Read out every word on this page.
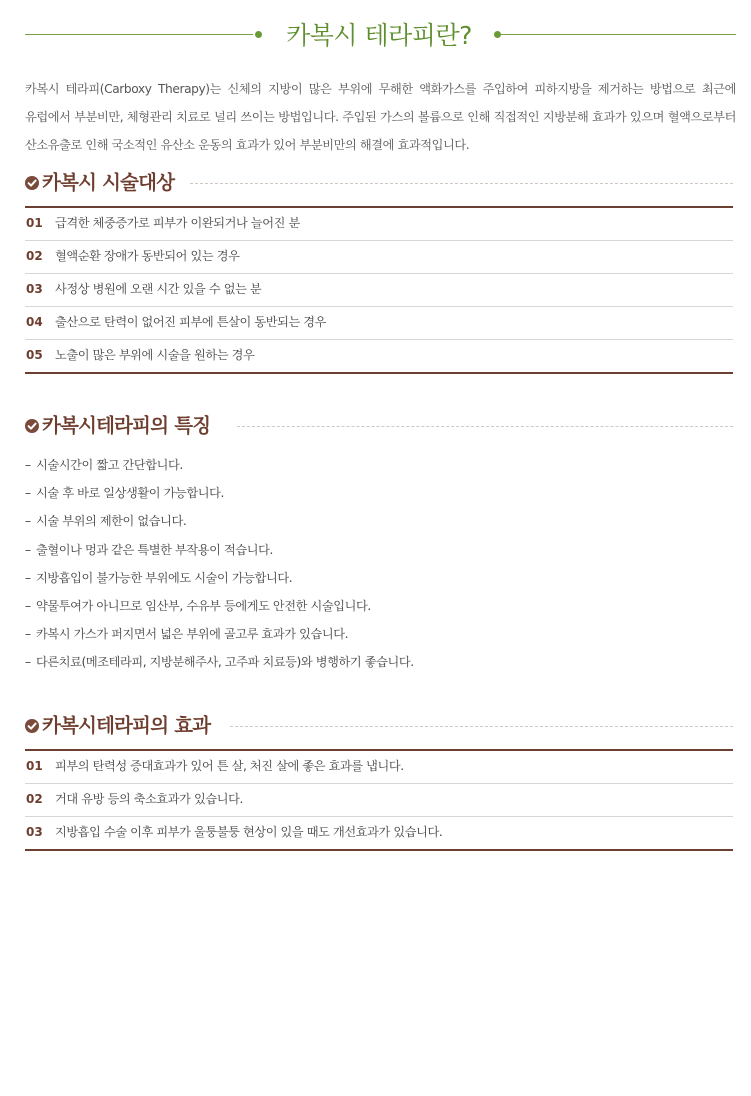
카복시 테라피란?
카복시 테라피(Carboxy Therapy)는 신체의 지방이 많은 부위에 무해한 액화가스를 주입하여 피하지방을 제거하는 방법으로 최근에 유럽에서 부분비만, 체형관리 치료로 널리 쓰이는 방법입니다. 주입된 가스의 볼륨으로 인해 직접적인 지방분해 효과가 있으며 혈액으로부터 산소유출로 인해 국소적인 유산소 운동의 효과가 있어 부분비만의 해결에 효과적입니다.
카복시 시술대상
01 급격한 체중증가로 피부가 이완되거나 늘어진 분
02 혈액순환 장애가 동반되어 있는 경우
03 사정상 병원에 오랜 시간 있을 수 없는 분
04 출산으로 탄력이 없어진 피부에 튼살이 동반되는 경우
05 노출이 많은 부위에 시술을 원하는 경우
카복시테라피의 특징
– 시술시간이 짧고 간단합니다.
– 시술 후 바로 일상생활이 가능합니다.
– 시술 부위의 제한이 없습니다.
– 출혈이나 멍과 같은 특별한 부작용이 적습니다.
– 지방흡입이 불가능한 부위에도 시술이 가능합니다.
– 약물투여가 아니므로 임산부, 수유부 등에게도 안전한 시술입니다.
– 카복시 가스가 퍼지면서 넓은 부위에 골고루 효과가 있습니다.
– 다른치료(메조테라피, 지방분해주사, 고주파 치료등)와 병행하기 좋습니다.
카복시테라피의 효과
01 피부의 탄력성 증대효과가 있어 튼 살, 처진 살에 좋은 효과를 냅니다.
02 거대 유방 등의 축소효과가 있습니다.
03 지방흡입 수술 이후 피부가 울퉁불퉁 현상이 있을 때도 개선효과가 있습니다.
